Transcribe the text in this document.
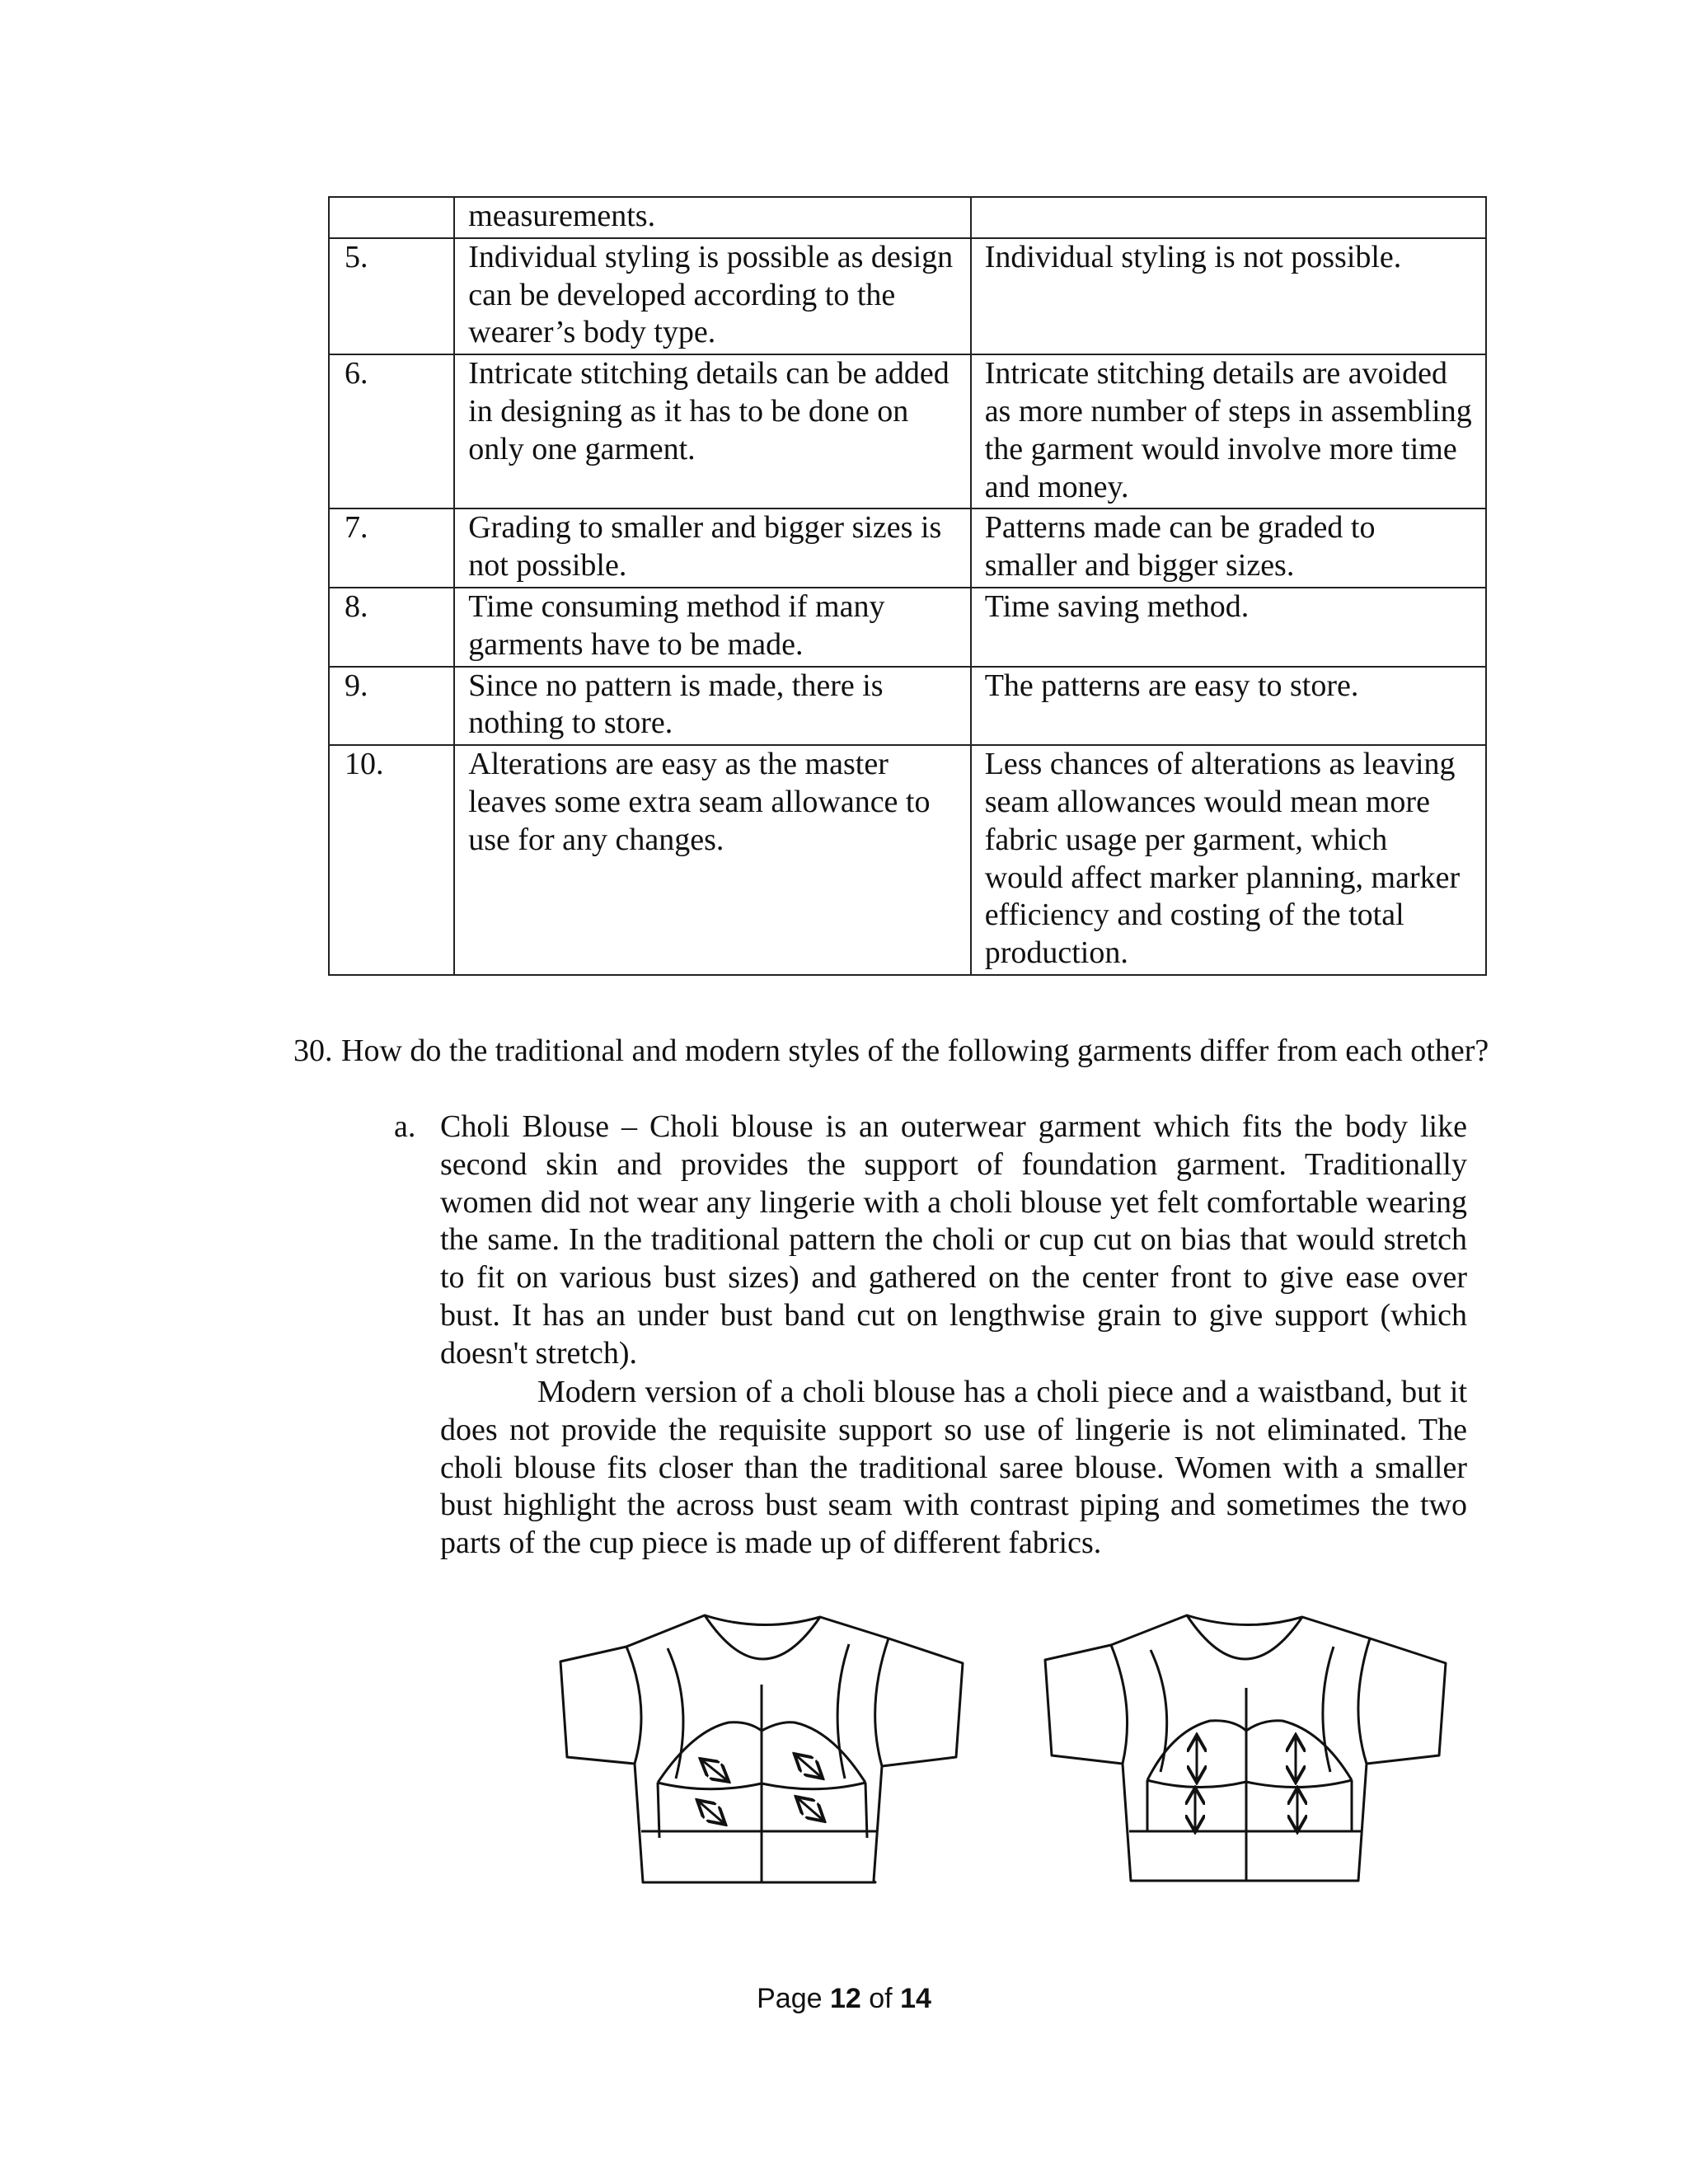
	measurements.	
5.	Individual styling is possible as design can be developed according to the wearer’s body type.	Individual styling is not possible.
6.	Intricate stitching details can be added in designing as it has to be done on only one garment.	Intricate stitching details are avoided as more number of steps in assembling the garment would involve more time and money.
7.	Grading to smaller and bigger sizes is not possible.	Patterns made can be graded to smaller and bigger sizes.
8.	Time consuming method if many garments have to be made.	Time saving method.
9.	Since no pattern is made, there is nothing to store.	The patterns are easy to store.
10.	Alterations are easy as the master leaves some extra seam allowance to use for any changes.	Less chances of alterations as leaving seam allowances would mean more fabric usage per garment, which would affect marker planning, marker efficiency and costing of the total production.
30. How do the traditional and modern styles of the following garments differ from each other?
a. Choli Blouse – Choli blouse is an outerwear garment which fits the body like second skin and provides the support of foundation garment. Traditionally women did not wear any lingerie with a choli blouse yet felt comfortable wearing the same. In the traditional pattern the choli or cup cut on bias that would stretch to fit on various bust sizes) and gathered on the center front to give ease over bust. It has an under bust band cut on lengthwise grain to give support (which doesn't stretch).

Modern version of a choli blouse has a choli piece and a waistband, but it does not provide the requisite support so use of lingerie is not eliminated. The choli blouse fits closer than the traditional saree blouse. Women with a smaller bust highlight the across bust seam with contrast piping and sometimes the two parts of the cup piece is made up of different fabrics.

Page 12 of 14
